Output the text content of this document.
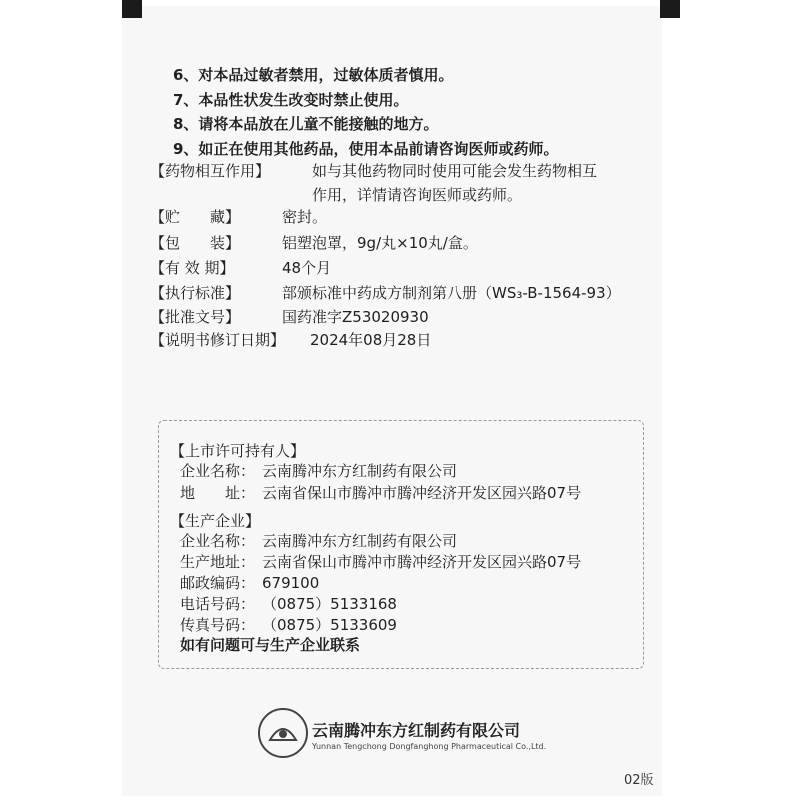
6、对本品过敏者禁用，过敏体质者慎用。
7、本品性状发生改变时禁止使用。
8、请将本品放在儿童不能接触的地方。
9、如正在使用其他药品，使用本品前请咨询医师或药师。
【药物相互作用】	如与其他药物同时使用可能会发生药物相互
作用，详情请咨询医师或药师。
【贮　　藏】	密封。
【包　　装】	铝塑泡罩，9g/丸×10丸/盒。
【有 效 期】	48个月
【执行标准】	部颁标准中药成方制剂第八册（WS₃-B-1564-93）
【批准文号】	国药准字Z53020930
【说明书修订日期】 2024年08月28日
【上市许可持有人】
企业名称： 云南腾冲东方红制药有限公司
地　　址： 云南省保山市腾冲市腾冲经济开发区园兴路07号
【生产企业】
企业名称： 云南腾冲东方红制药有限公司
生产地址： 云南省保山市腾冲市腾冲经济开发区园兴路07号
邮政编码： 679100
电话号码： （0875）5133168
传真号码： （0875）5133609
如有问题可与生产企业联系
云南腾冲东方红制药有限公司
Yunnan Tengchong Dongfanghong Pharmaceutical Co.,Ltd.
02版
